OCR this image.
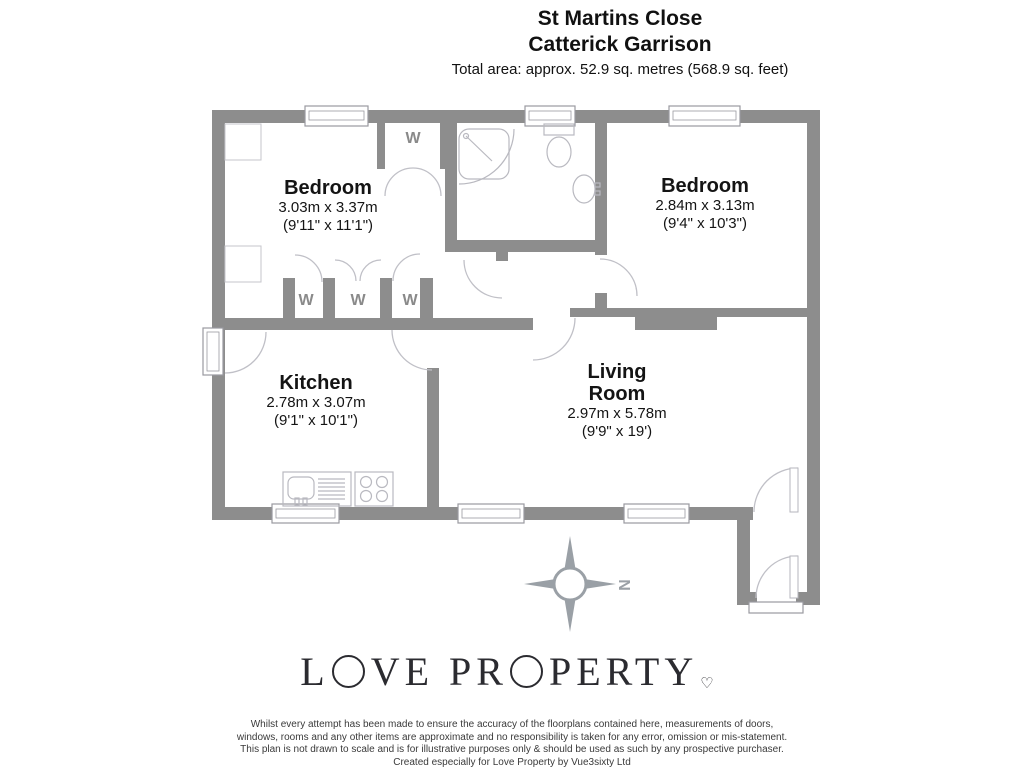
St Martins Close
Catterick Garrison
Total area: approx. 52.9 sq. metres (568.9 sq. feet)
Bedroom
3.03m x 3.37m
(9'11" x 11'1")
Bedroom
2.84m x 3.13m
(9'4" x 10'3")
Kitchen
2.78m x 3.07m
(9'1" x 10'1")
Living
Room
2.97m x 5.78m
(9'9" x 19')
W
W	W	W
N
L VE PR PERTY ♡
Whilst every attempt has been made to ensure the accuracy of the floorplans contained here, measurements of doors,
windows, rooms and any other items are approximate and no responsibility is taken for any error, omission or mis-statement.
This plan is not drawn to scale and is for illustrative purposes only & should be used as such by any prospective purchaser.
Created especially for Love Property by Vue3sixty Ltd
